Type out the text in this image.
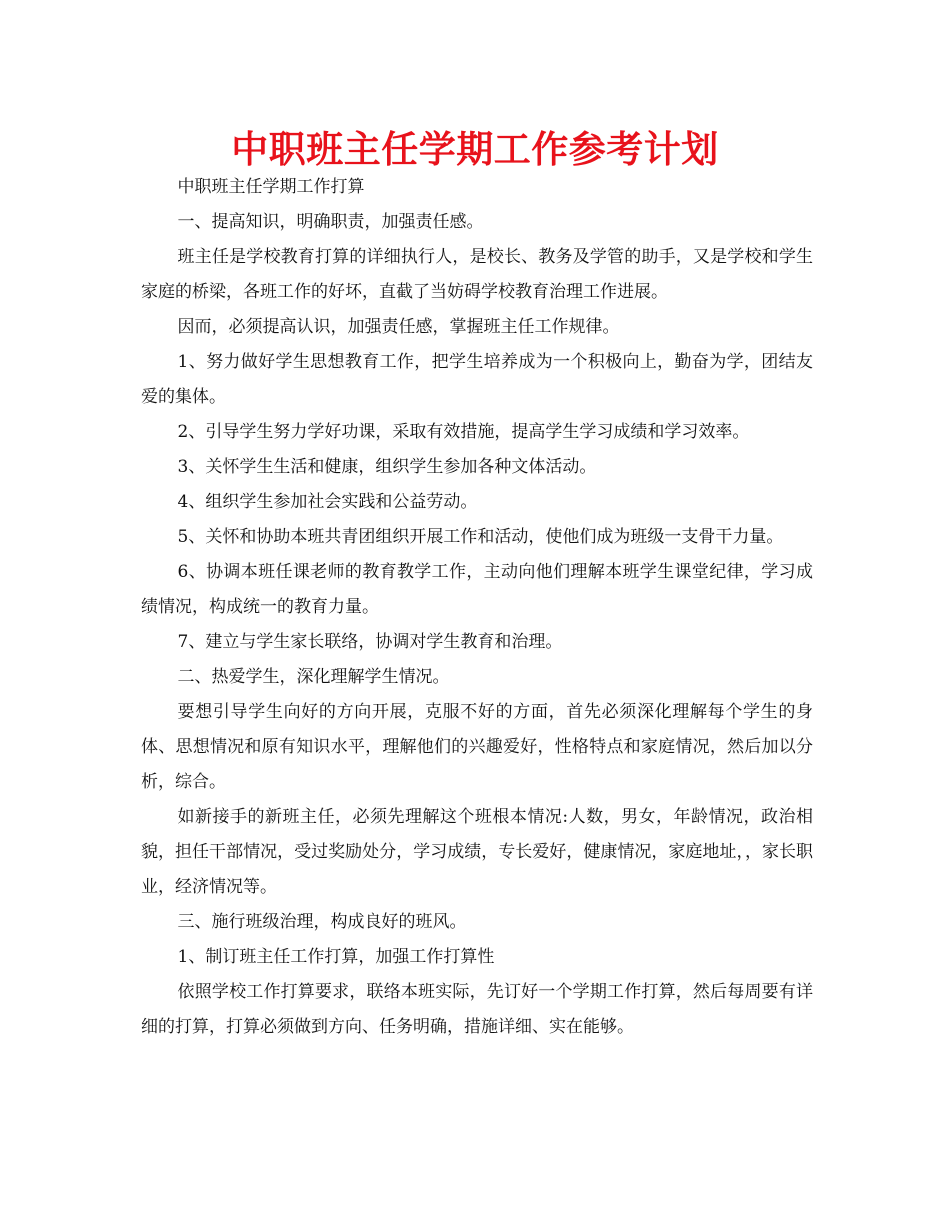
中职班主任学期工作参考计划

中职班主任学期工作打算

一、提高知识，明确职责，加强责任感。

班主任是学校教育打算的详细执行人，是校长、教务及学管的助手，又是学校和学生家庭的桥梁，各班工作的好坏，直截了当妨碍学校教育治理工作进展。

因而，必须提高认识，加强责任感，掌握班主任工作规律。

1、努力做好学生思想教育工作，把学生培养成为一个积极向上，勤奋为学，团结友爱的集体。

2、引导学生努力学好功课，采取有效措施，提高学生学习成绩和学习效率。

3、关怀学生生活和健康，组织学生参加各种文体活动。

4、组织学生参加社会实践和公益劳动。

5、关怀和协助本班共青团组织开展工作和活动，使他们成为班级一支骨干力量。

6、协调本班任课老师的教育教学工作，主动向他们理解本班学生课堂纪律，学习成绩情况，构成统一的教育力量。

7、建立与学生家长联络，协调对学生教育和治理。

二、热爱学生，深化理解学生情况。

要想引导学生向好的方向开展，克服不好的方面，首先必须深化理解每个学生的身体、思想情况和原有知识水平，理解他们的兴趣爱好，性格特点和家庭情况，然后加以分析，综合。

如新接手的新班主任，必须先理解这个班根本情况:人数，男女，年龄情况，政治相貌，担任干部情况，受过奖励处分，学习成绩，专长爱好，健康情况，家庭地址，，家长职业，经济情况等。

三、施行班级治理，构成良好的班风。

1、制订班主任工作打算，加强工作打算性

依照学校工作打算要求，联络本班实际，先订好一个学期工作打算，然后每周要有详细的打算，打算必须做到方向、任务明确，措施详细、实在能够。
